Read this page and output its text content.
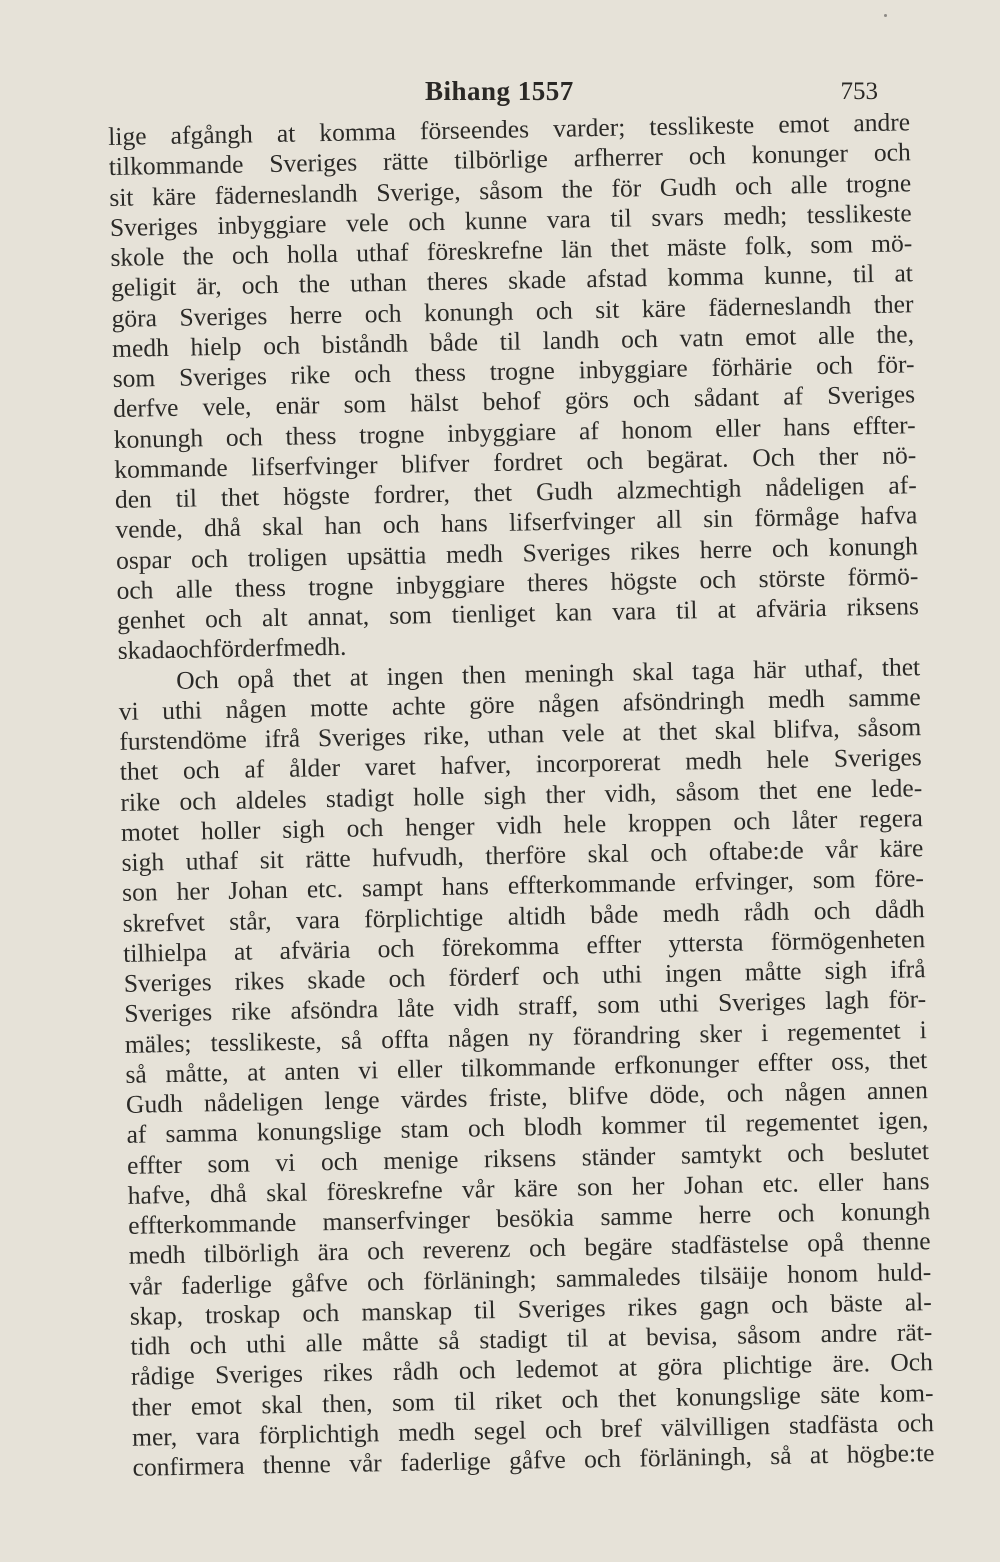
Bihang 1557	753
lige afgångh at komma förseendes varder; tesslikeste emot andre
tilkommande Sveriges rätte tilbörlige arfherrer och konunger och
sit käre fäderneslandh Sverige, såsom the för Gudh och alle trogne
Sveriges inbyggiare vele och kunne vara til svars medh; tesslikeste
skole the och holla uthaf föreskrefne län thet mäste folk, som mö-
geligit är, och the uthan theres skade afstad komma kunne, til at
göra Sveriges herre och konungh och sit käre fäderneslandh ther
medh hielp och biståndh både til landh och vatn emot alle the,
som Sveriges rike och thess trogne inbyggiare förhärie och för-
derfve vele, enär som hälst behof görs och sådant af Sveriges
konungh och thess trogne inbyggiare af honom eller hans effter-
kommande lifserfvinger blifver fordret och begärat. Och ther nö-
den til thet högste fordrer, thet Gudh alzmechtigh nådeligen af-
vende, dhå skal han och hans lifserfvinger all sin förmåge hafva
ospar och troligen upsättia medh Sveriges rikes herre och konungh
och alle thess trogne inbyggiare theres högste och störste förmö-
genhet och alt annat, som tienliget kan vara til at afväria riksens
skada och förderf medh.
Och opå thet at ingen then meningh skal taga här uthaf, thet
vi uthi någen motte achte göre någen afsöndringh medh samme
furstendöme ifrå Sveriges rike, uthan vele at thet skal blifva, såsom
thet och af ålder varet hafver, incorporerat medh hele Sveriges
rike och aldeles stadigt holle sigh ther vidh, såsom thet ene lede-
motet holler sigh och henger vidh hele kroppen och låter regera
sigh uthaf sit rätte hufvudh, therföre skal och oftabe:de vår käre
son her Johan etc. sampt hans effterkommande erfvinger, som före-
skrefvet står, vara förplichtige altidh både medh rådh och dådh
tilhielpa at afväria och förekomma effter yttersta förmögenheten
Sveriges rikes skade och förderf och uthi ingen måtte sigh ifrå
Sveriges rike afsöndra låte vidh straff, som uthi Sveriges lagh för-
mäles; tesslikeste, så offta någen ny förandring sker i regementet i
så måtte, at anten vi eller tilkommande erfkonunger effter oss, thet
Gudh nådeligen lenge värdes friste, blifve döde, och någen annen
af samma konungslige stam och blodh kommer til regementet igen,
effter som vi och menige riksens ständer samtykt och beslutet
hafve, dhå skal föreskrefne vår käre son her Johan etc. eller hans
effterkommande manserfvinger besökia samme herre och konungh
medh tilbörligh ära och reverenz och begäre stadfästelse opå thenne
vår faderlige gåfve och förläningh; sammaledes tilsäije honom huld-
skap, troskap och manskap til Sveriges rikes gagn och bäste al-
tidh och uthi alle måtte så stadigt til at bevisa, såsom andre rät-
rådige Sveriges rikes rådh och ledemot at göra plichtige äre. Och
ther emot skal then, som til riket och thet konungslige säte kom-
mer, vara förplichtigh medh segel och bref välvilligen stadfästa och
confirmera thenne vår faderlige gåfve och förläningh, så at högbe:te
